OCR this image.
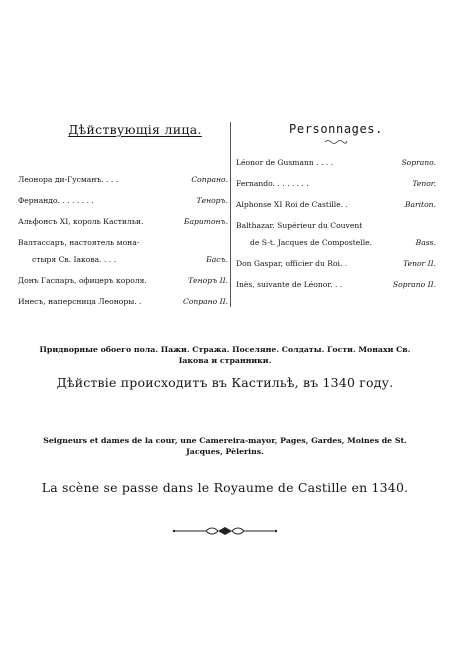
Дѣйствующія лица.
Леонора ди-Гусманъ. . . .	Сопрано.
Фернандо. . . . . . . .	Теноръ.
Альфонсъ XI, король Кастильи.	Баритонъ.
Валтассаръ, настоятель мона-
стыря Св. Iакова. . . .	Басъ.
Донъ Гаспаръ, офицеръ короля.	Теноръ II.
Инесъ, наперсница Леоноры. .	Сопрано II.
Personnages.
Léonor de Gusmann . . . .	Soprano.
Fernando. . . . . . . .	Tenor.
Alphonse XI Roi de Castille. .	Bariton.
Balthazar. Supérieur du Couvent
de S-t. Jacques de Compostelle.	Bass.
Don Gaspar, officier du Roi. .	Tenor II.
Inès, suivante de Léonor. . .	Soprano II.
Придворные обоего пола. Пажи. Стража. Поселяне. Солдаты. Гости. Монахи Св. Iакова и странники.
Дѣйствіе происходитъ въ Кастильѣ, въ 1340 году.
Seigneurs et dames de la cour, une Camereira-mayor, Pages, Gardes, Moines de St. Jacques, Pèlerins.
La scène se passe dans le Royaume de Castille en 1340.
